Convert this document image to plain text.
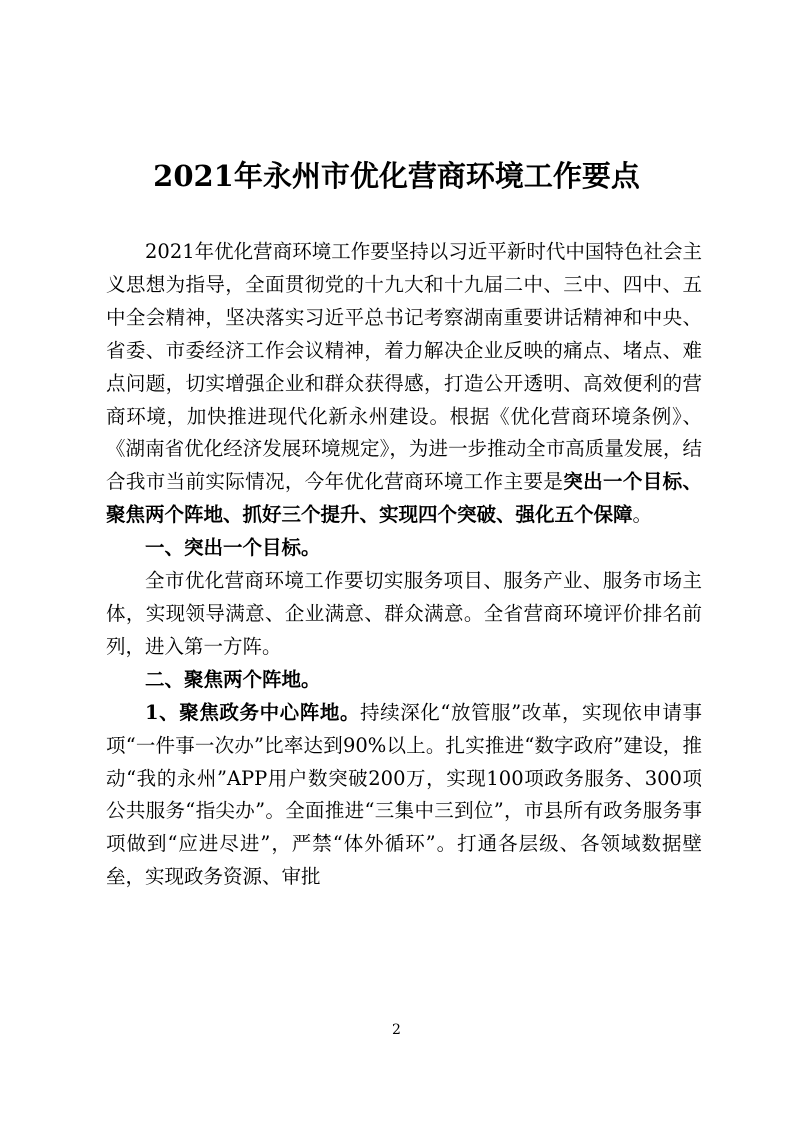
2021年永州市优化营商环境工作要点

2021年优化营商环境工作要坚持以习近平新时代中国特色社会主义思想为指导，全面贯彻党的十九大和十九届二中、三中、四中、五中全会精神，坚决落实习近平总书记考察湖南重要讲话精神和中央、省委、市委经济工作会议精神，着力解决企业反映的痛点、堵点、难点问题，切实增强企业和群众获得感，打造公开透明、高效便利的营商环境，加快推进现代化新永州建设。根据《优化营商环境条例》、《湖南省优化经济发展环境规定》，为进一步推动全市高质量发展，结合我市当前实际情况，今年优化营商环境工作主要是突出一个目标、聚焦两个阵地、抓好三个提升、实现四个突破、强化五个保障。

一、突出一个目标。

全市优化营商环境工作要切实服务项目、服务产业、服务市场主体，实现领导满意、企业满意、群众满意。全省营商环境评价排名前列，进入第一方阵。

二、聚焦两个阵地。

1、聚焦政务中心阵地。持续深化“放管服”改革，实现依申请事项“一件事一次办”比率达到90%以上。扎实推进“数字政府”建设，推动“我的永州”APP用户数突破200万，实现100项政务服务、300项公共服务“指尖办”。全面推进“三集中三到位”，市县所有政务服务事项做到“应进尽进”，严禁“体外循环”。打通各层级、各领域数据壁垒，实现政务资源、审批

2
